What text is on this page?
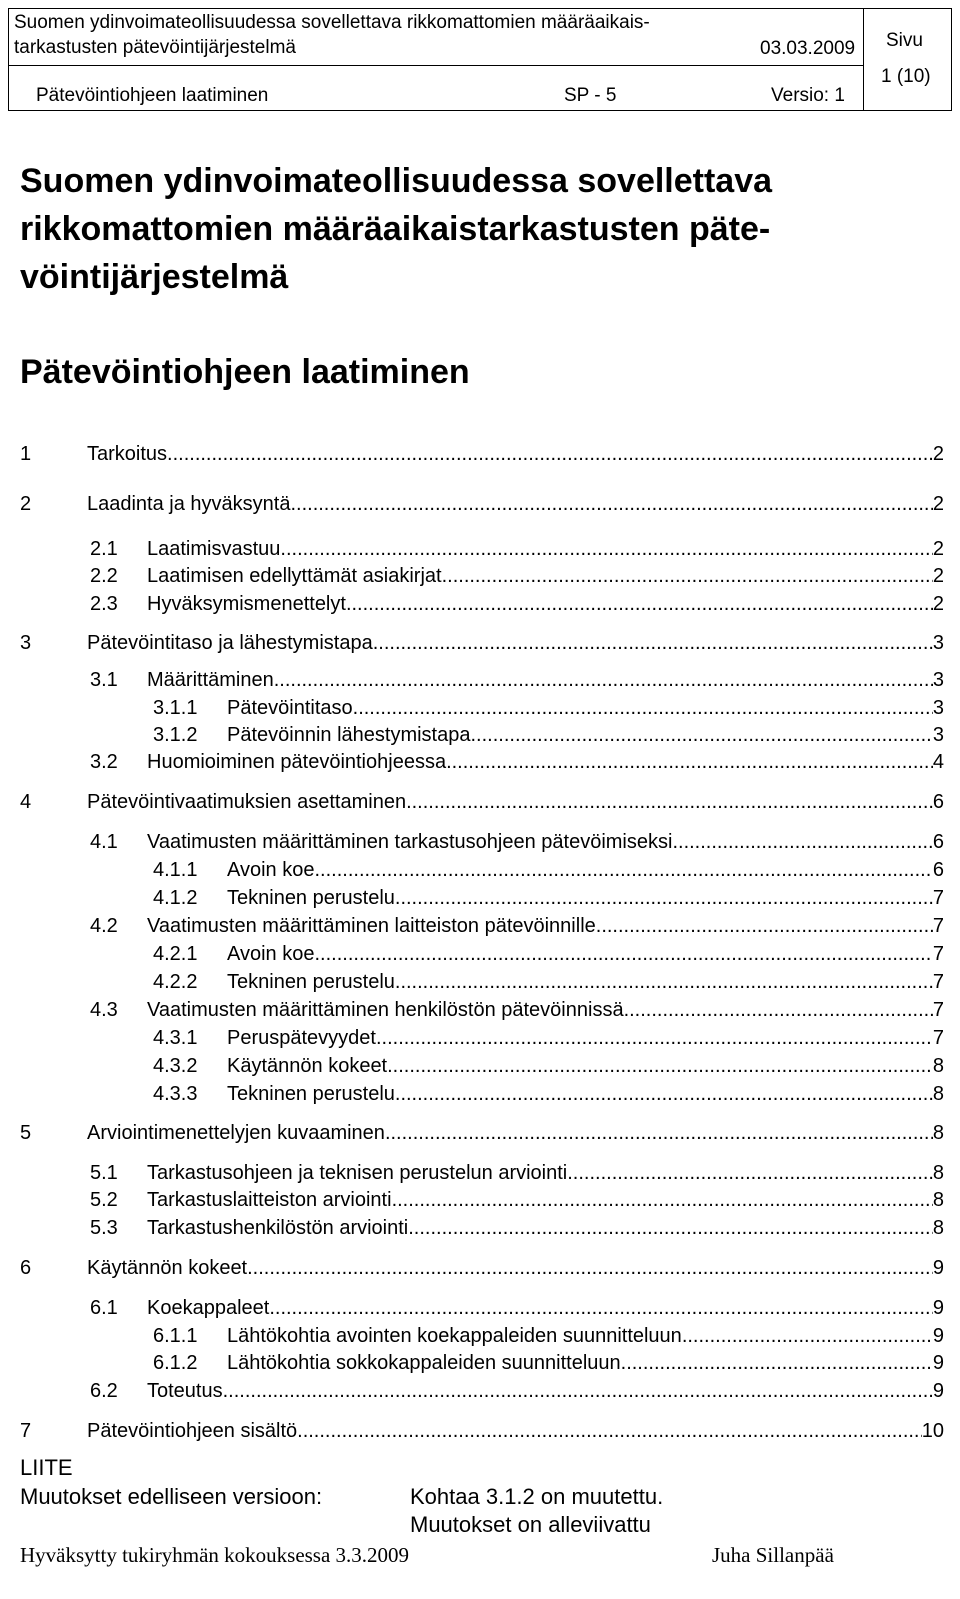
Suomen ydinvoimateollisuudessa sovellettava rikkomattomien määräaikais-
tarkastusten pätevöintijärjestelmä	03.03.2009 Sivu
1 (10)
Pätevöintiohjeen laatiminen	SP - 5	Versio: 1
Suomen ydinvoimateollisuudessa sovellettava
rikkomattomien määräaikaistarkastusten päte-
vöintijärjestelmä
Pätevöintiohjeen laatiminen
1	Tarkoitus .....	2
2	Laadinta ja hyväksyntä .....	2
2.1	Laatimisvastuu .....	2
2.2	Laatimisen edellyttämät asiakirjat .....	2
2.3	Hyväksymismenettelyt .....	2
3	Pätevöintitaso ja lähestymistapa .....	3
3.1	Määrittäminen .....	3
3.1.1	Pätevöintitaso .....	3
3.1.2	Pätevöinnin lähestymistapa .....	3
3.2	Huomioiminen pätevöintiohjeessa .....	4
4	Pätevöintivaatimuksien asettaminen .....	6
4.1	Vaatimusten määrittäminen tarkastusohjeen pätevöimiseksi .....	6
4.1.1	Avoin koe .....	6
4.1.2	Tekninen perustelu .....	7
4.2	Vaatimusten määrittäminen laitteiston pätevöinnille .....	7
4.2.1	Avoin koe .....	7
4.2.2	Tekninen perustelu .....	7
4.3	Vaatimusten määrittäminen henkilöstön pätevöinnissä .....	7
4.3.1	Peruspätevyydet .....	7
4.3.2	Käytännön kokeet .....	8
4.3.3	Tekninen perustelu .....	8
5	Arviointimenettelyjen kuvaaminen .....	8
5.1	Tarkastusohjeen ja teknisen perustelun arviointi .....	8
5.2	Tarkastuslaitteiston arviointi .....	8
5.3	Tarkastushenkilöstön arviointi .....	8
6	Käytännön kokeet .....	9
6.1	Koekappaleet .....	9
6.1.1	Lähtökohtia avointen koekappaleiden suunnitteluun .....	9
6.1.2	Lähtökohtia sokkokappaleiden suunnitteluun .....	9
6.2	Toteutus .....	9
7	Pätevöintiohjeen sisältö .....	10
LIITE
Muutokset edelliseen versioon:	Kohtaa 3.1.2 on muutettu.
Muutokset on alleviivattu
Hyväksytty tukiryhmän kokouksessa 3.3.2009	Juha Sillanpää
